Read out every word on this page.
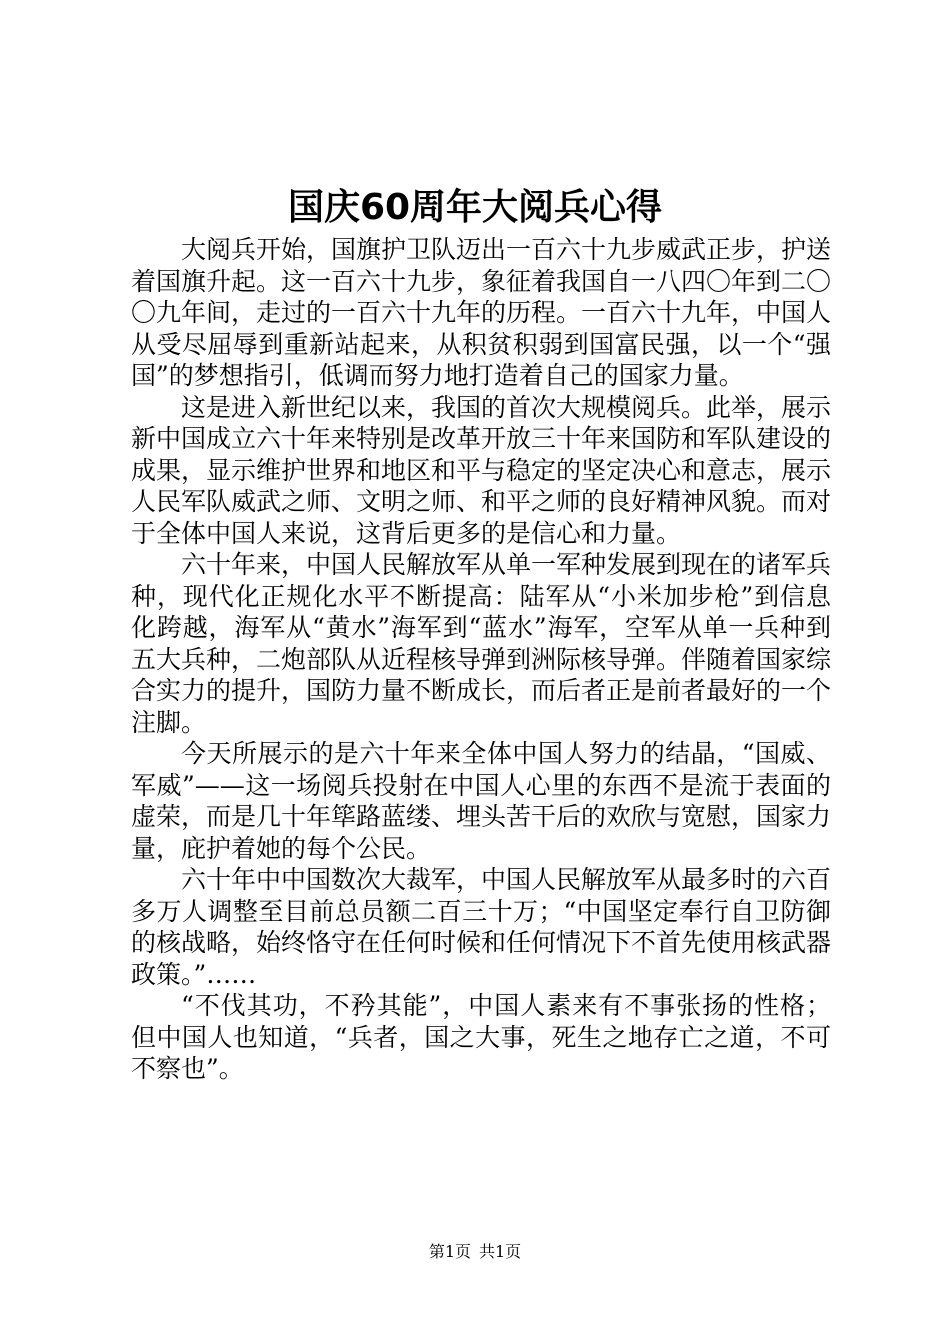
国庆60周年大阅兵心得

大阅兵开始，国旗护卫队迈出一百六十九步威武正步，护送着国旗升起。这一百六十九步，象征着我国自一八四〇年到二〇〇九年间，走过的一百六十九年的历程。一百六十九年，中国人从受尽屈辱到重新站起来，从积贫积弱到国富民强，以一个“强国”的梦想指引，低调而努力地打造着自己的国家力量。

这是进入新世纪以来，我国的首次大规模阅兵。此举，展示新中国成立六十年来特别是改革开放三十年来国防和军队建设的成果，显示维护世界和地区和平与稳定的坚定决心和意志，展示人民军队威武之师、文明之师、和平之师的良好精神风貌。而对于全体中国人来说，这背后更多的是信心和力量。

六十年来，中国人民解放军从单一军种发展到现在的诸军兵种，现代化正规化水平不断提高：陆军从“小米加步枪”到信息化跨越，海军从“黄水”海军到“蓝水”海军，空军从单一兵种到五大兵种，二炮部队从近程核导弹到洲际核导弹。伴随着国家综合实力的提升，国防力量不断成长，而后者正是前者最好的一个注脚。

今天所展示的是六十年来全体中国人努力的结晶，“国威、军威”——这一场阅兵投射在中国人心里的东西不是流于表面的虚荣，而是几十年筚路蓝缕、埋头苦干后的欢欣与宽慰，国家力量，庇护着她的每个公民。

六十年中中国数次大裁军，中国人民解放军从最多时的六百多万人调整至目前总员额二百三十万；“中国坚定奉行自卫防御的核战略，始终恪守在任何时候和任何情况下不首先使用核武器政策。”……

“不伐其功，不矜其能”，中国人素来有不事张扬的性格；但中国人也知道，“兵者，国之大事，死生之地存亡之道，不可不察也”。

第1页 共1页
